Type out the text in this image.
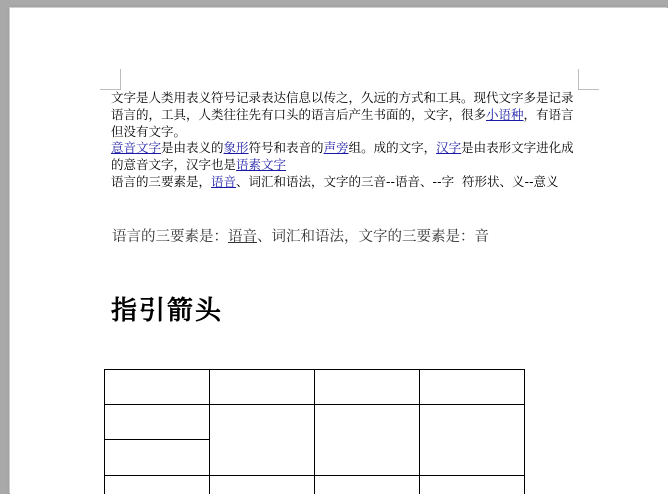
文字是人类用表义符号记录表达信息以传之，久远的方式和工具。现代文字多是记录语言的，工具，人类往往先有口头的语言后产生书面的，文字，很多小语种，有语言但没有文字。

意音文字是由表义的象形符号和表音的声旁组。成的文字，汉字是由表形文字进化成的意音文字，汉字也是语素文字

语言的三要素是，语音、词汇和语法，文字的三音--语音、--字  符形状、义--意义

语言的三要素是：语音、词汇和语法，文字的三要素是：音
指引箭头
